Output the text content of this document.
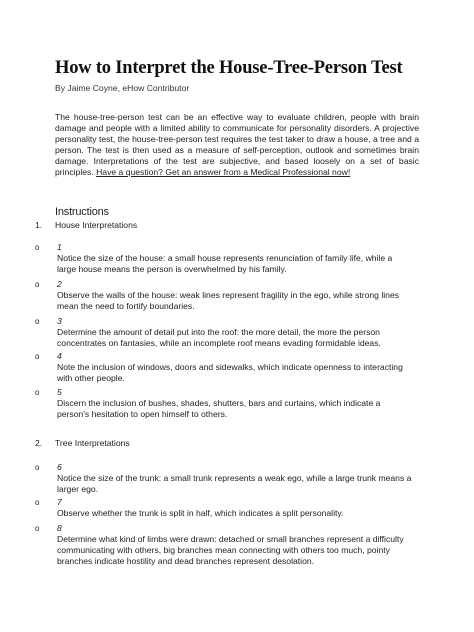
How to Interpret the House-Tree-Person Test
By Jaime Coyne, eHow Contributor
The house-tree-person test can be an effective way to evaluate children, people with brain damage and people with a limited ability to communicate for personality disorders. A projective personality test, the house-tree-person test requires the test taker to draw a house, a tree and a person. The test is then used as a measure of self-perception, outlook and sometimes brain damage. Interpretations of the test are subjective, and based loosely on a set of basic principles. Have a question? Get an answer from a Medical Professional now!
Instructions
1. House Interpretations
o 1
Notice the size of the house: a small house represents renunciation of family life, while a large house means the person is overwhelmed by his family.
o 2
Observe the walls of the house: weak lines represent fragility in the ego, while strong lines mean the need to fortify boundaries.
o 3
Determine the amount of detail put into the roof: the more detail, the more the person concentrates on fantasies, while an incomplete roof means evading formidable ideas.
o 4
Note the inclusion of windows, doors and sidewalks, which indicate openness to interacting with other people.
o 5
Discern the inclusion of bushes, shades, shutters, bars and curtains, which indicate a person's hesitation to open himself to others.
2. Tree Interpretations
o 6
Notice the size of the trunk: a small trunk represents a weak ego, while a large trunk means a larger ego.
o 7
Observe whether the trunk is split in half, which indicates a split personality.
o 8
Determine what kind of limbs were drawn: detached or small branches represent a difficulty communicating with others, big branches mean connecting with others too much, pointy branches indicate hostility and dead branches represent desolation.
